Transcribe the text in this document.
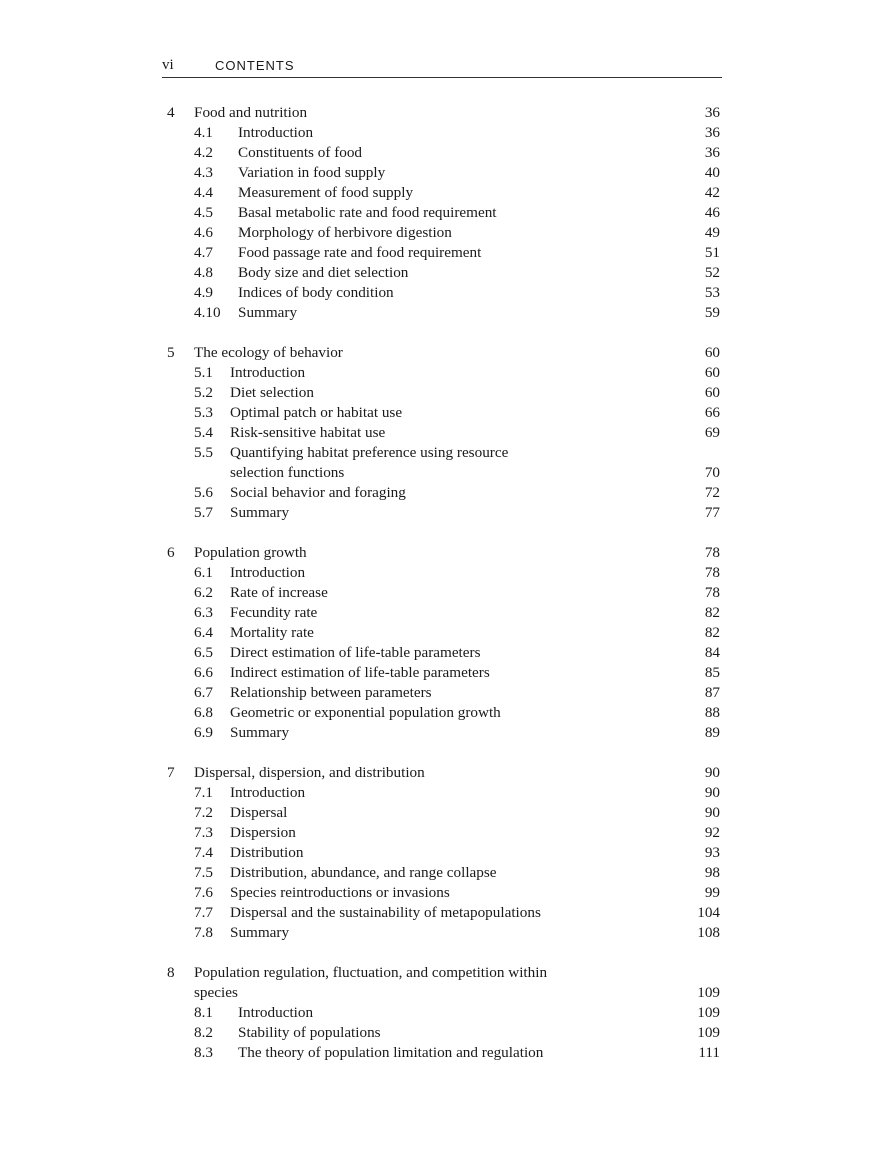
vi	CONTENTS
4 Food and nutrition	36
4.1 Introduction	36
4.2 Constituents of food	36
4.3 Variation in food supply	40
4.4 Measurement of food supply	42
4.5 Basal metabolic rate and food requirement	46
4.6 Morphology of herbivore digestion	49
4.7 Food passage rate and food requirement	51
4.8 Body size and diet selection	52
4.9 Indices of body condition	53
4.10 Summary	59
5 The ecology of behavior	60
5.1 Introduction	60
5.2 Diet selection	60
5.3 Optimal patch or habitat use	66
5.4 Risk-sensitive habitat use	69
5.5 Quantifying habitat preference using resource
selection functions	70
5.6 Social behavior and foraging	72
5.7 Summary	77
6 Population growth	78
6.1 Introduction	78
6.2 Rate of increase	78
6.3 Fecundity rate	82
6.4 Mortality rate	82
6.5 Direct estimation of life-table parameters	84
6.6 Indirect estimation of life-table parameters	85
6.7 Relationship between parameters	87
6.8 Geometric or exponential population growth	88
6.9 Summary	89
7 Dispersal, dispersion, and distribution	90
7.1 Introduction	90
7.2 Dispersal	90
7.3 Dispersion	92
7.4 Distribution	93
7.5 Distribution, abundance, and range collapse	98
7.6 Species reintroductions or invasions	99
7.7 Dispersal and the sustainability of metapopulations	104
7.8 Summary	108
8 Population regulation, fluctuation, and competition within
species	109
8.1 Introduction	109
8.2 Stability of populations	109
8.3 The theory of population limitation and regulation	111
